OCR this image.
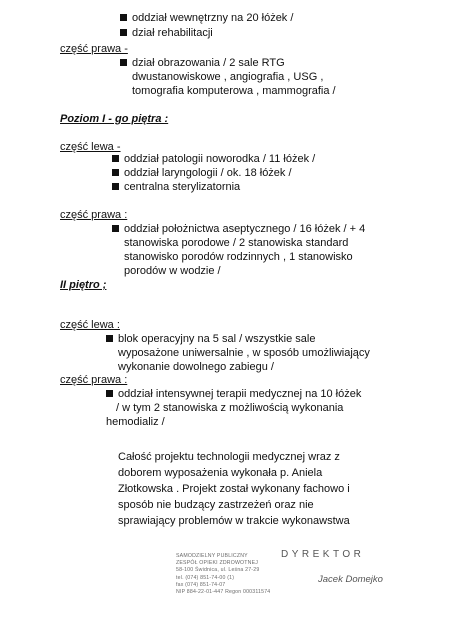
oddział wewnętrzny na 20 łóżek /
dział rehabilitacji
część prawa -
dział obrazowania / 2 sale RTG
dwustanowiskowe , angiografia , USG ,
tomografia komputerowa , mammografia /
Poziom I - go piętra :
część lewa -
oddział patologii noworodka / 11 łóżek /
oddział laryngologii / ok. 18 łóżek /
centralna sterylizatornia
część prawa :
oddział położnictwa aseptycznego / 16 łóżek / + 4
stanowiska porodowe / 2 stanowiska standard
stanowisko porodów rodzinnych , 1 stanowisko
porodów w wodzie /
II piętro ;
część lewa :
blok operacyjny na 5 sal / wszystkie sale
wyposażone uniwersalnie , w sposób umożliwiający
wykonanie dowolnego zabiegu /
część prawa :
oddział intensywnej terapii medycznej na 10 łóżek
/ w tym 2 stanowiska z możliwością wykonania
hemodializ /
Całość projektu technologii medycznej wraz z
doborem wyposażenia wykonała p. Aniela
Złotkowska . Projekt został wykonany fachowo i
sposób nie budzący zastrzeżeń oraz nie
sprawiający problemów w trakcie wykonawstwa
SAMODZIELNY PUBLICZNY
ZESPÓŁ OPIEKI ZDROWOTNEJ
58-100 Świdnica, ul. Leśna 27-29
tel. (074) 851-74-00 (1)
fax (074) 851-74-07
NIP 884-22-01-447 Regon 000311574
DYREKTOR
Jacek Domejko
